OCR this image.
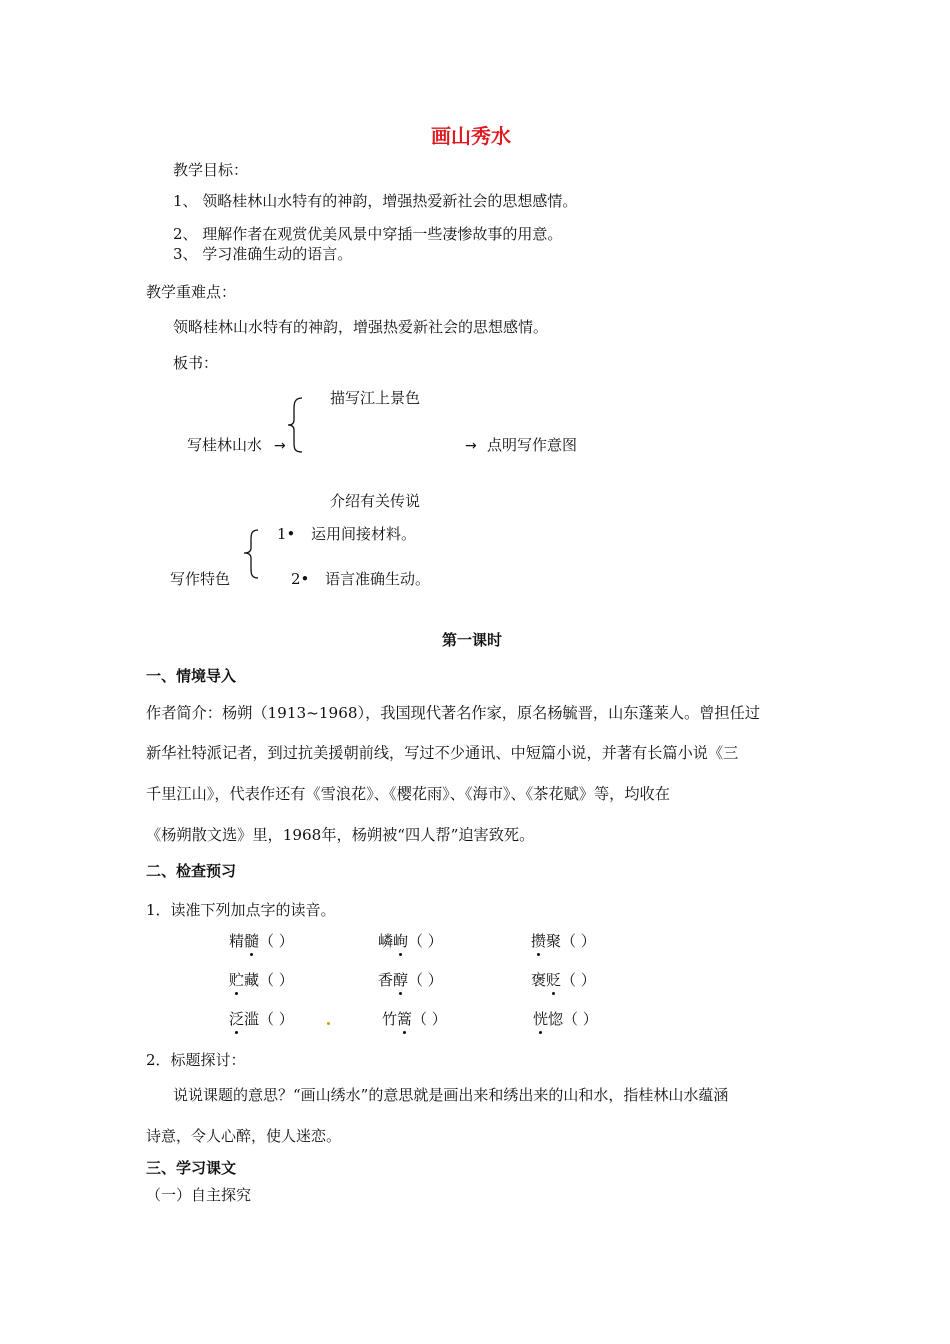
画山秀水
教学目标：
1、 领略桂林山水特有的神韵，增强热爱新社会的思想感情。
2、 理解作者在观赏优美风景中穿插一些凄惨故事的用意。
3、 学习准确生动的语言。
教学重难点：
领略桂林山水特有的神韵，增强热爱新社会的思想感情。
板书：
描写江上景色
写桂林山水 →	→ 点明写作意图
介绍有关传说
1• 运用间接材料。
写作特色	2• 语言准确生动。
第一课时
一、情境导入
作者简介：杨朔（1913~1968），我国现代著名作家，原名杨毓晋，山东蓬莱人。曾担任过
新华社特派记者，到过抗美援朝前线，写过不少通讯、中短篇小说，并著有长篇小说《三
千里江山》，代表作还有《雪浪花》、《樱花雨》、《海市》、《茶花赋》等，均收在
《杨朔散文选》里，1968年，杨朔被“四人帮”迫害致死。
二、检查预习
1．读准下列加点字的读音。
精髓（ ）	嶙峋（ ）	攒聚（ ）
贮藏（ ）	香醇（ ）	褒贬（ ）
泛滥（ ）	竹篙（ ）	恍惚（ ）
2．标题探讨：
说说课题的意思？“画山绣水”的意思就是画出来和绣出来的山和水，指桂林山水蕴涵
诗意，令人心醉，使人迷恋。
三、学习课文
（一）自主探究
